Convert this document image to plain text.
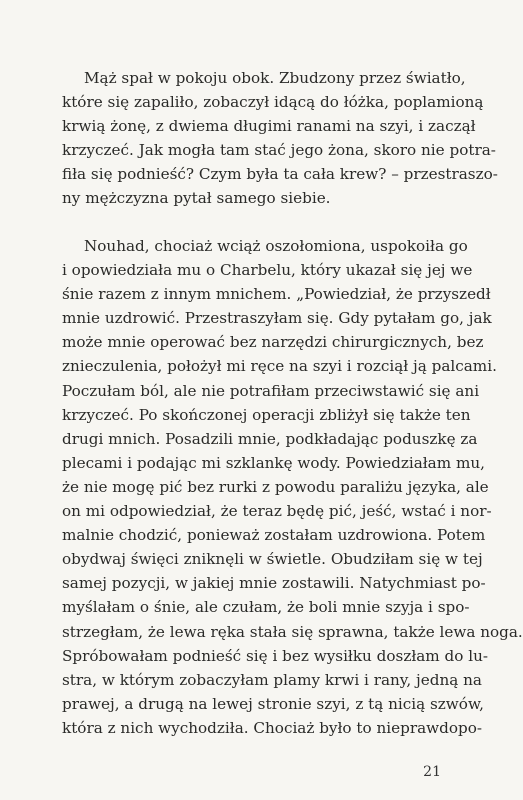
Mąż spał w pokoju obok. Zbudzony przez światło,
które się zapaliło, zobaczył idącą do łóżka, poplamioną
krwią żonę, z dwiema długimi ranami na szyi, i zaczął
krzyczeć. Jak mogła tam stać jego żona, skoro nie potra-
fiła się podnieść? Czym była ta cała krew? – przestraszo-
ny mężczyzna pytał samego siebie.
Nouhad, chociaż wciąż oszołomiona, uspokoiła go
i opowiedziała mu o Charbelu, który ukazał się jej we
śnie razem z innym mnichem. „Powiedział, że przyszedł
mnie uzdrowić. Przestraszyłam się. Gdy pytałam go, jak
może mnie operować bez narzędzi chirurgicznych, bez
znieczulenia, położył mi ręce na szyi i rozciął ją palcami.
Poczułam ból, ale nie potrafiłam przeciwstawić się ani
krzyczeć. Po skończonej operacji zbliżył się także ten
drugi mnich. Posadzili mnie, podkładając poduszkę za
plecami i podając mi szklankę wody. Powiedziałam mu,
że nie mogę pić bez rurki z powodu paraliżu języka, ale
on mi odpowiedział, że teraz będę pić, jeść, wstać i nor-
malnie chodzić, ponieważ zostałam uzdrowiona. Potem
obydwaj święci zniknęli w świetle. Obudziłam się w tej
samej pozycji, w jakiej mnie zostawili. Natychmiast po-
myślałam o śnie, ale czułam, że boli mnie szyja i spo-
strzegłam, że lewa ręka stała się sprawna, także lewa noga.
Spróbowałam podnieść się i bez wysiłku doszłam do lu-
stra, w którym zobaczyłam plamy krwi i rany, jedną na
prawej, a drugą na lewej stronie szyi, z tą nicią szwów,
która z nich wychodziła. Chociaż było to nieprawdopo-
21
